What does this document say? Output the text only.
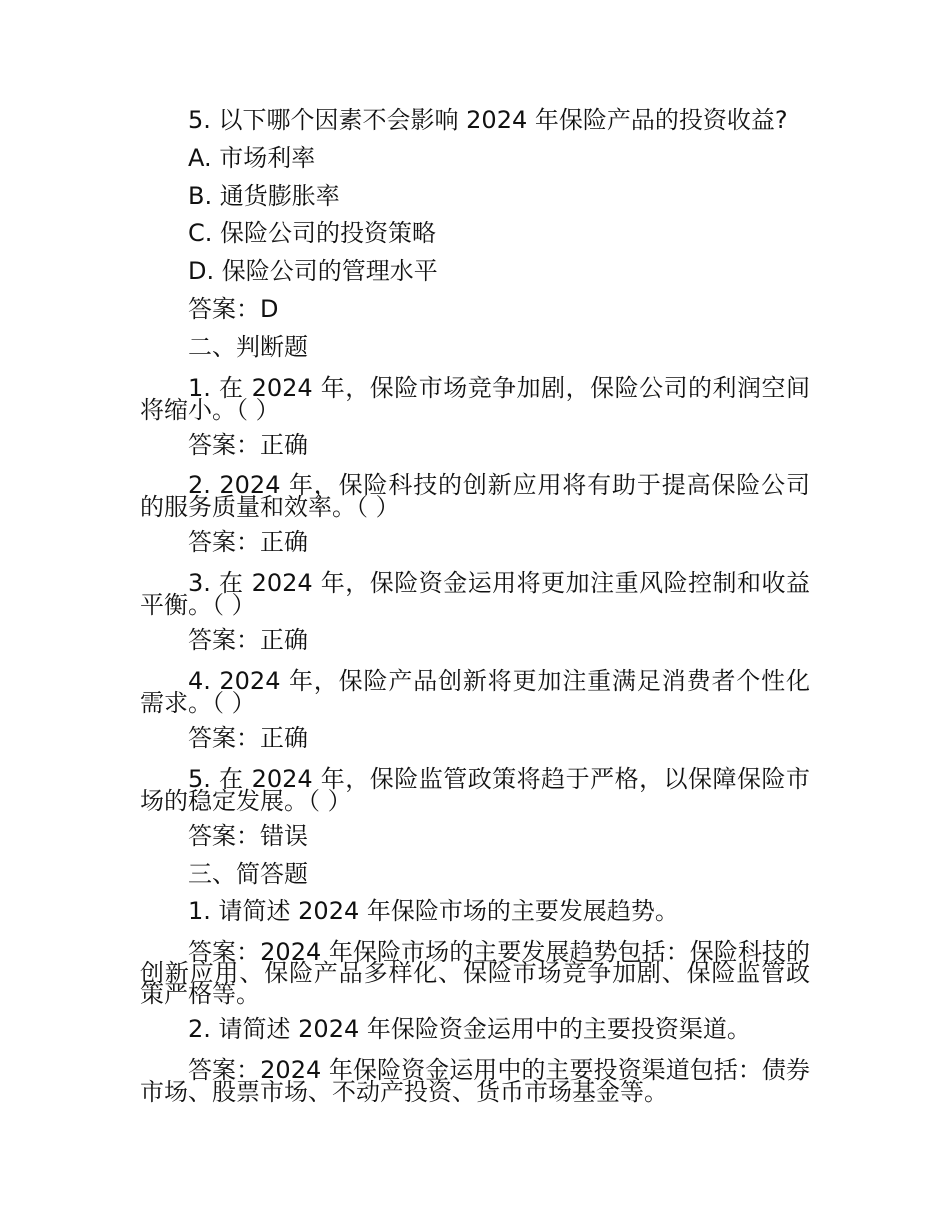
5. 以下哪个因素不会影响 2024 年保险产品的投资收益?

A. 市场利率

B. 通货膨胀率

C. 保险公司的投资策略

D. 保险公司的管理水平

答案：D

二、判断题

1. 在 2024 年，保险市场竞争加剧，保险公司的利润空间将缩小。（ ）

答案：正确

2. 2024 年，保险科技的创新应用将有助于提高保险公司的服务质量和效率。（ ）

答案：正确

3. 在 2024 年，保险资金运用将更加注重风险控制和收益平衡。（ ）

答案：正确

4. 2024 年，保险产品创新将更加注重满足消费者个性化需求。（ ）

答案：正确

5. 在 2024 年，保险监管政策将趋于严格，以保障保险市场的稳定发展。（ ）

答案：错误

三、简答题

1. 请简述 2024 年保险市场的主要发展趋势。

答案：2024 年保险市场的主要发展趋势包括：保险科技的创新应用、保险产品多样化、保险市场竞争加剧、保险监管政策严格等。

2. 请简述 2024 年保险资金运用中的主要投资渠道。

答案：2024 年保险资金运用中的主要投资渠道包括：债券市场、股票市场、不动产投资、货币市场基金等。
